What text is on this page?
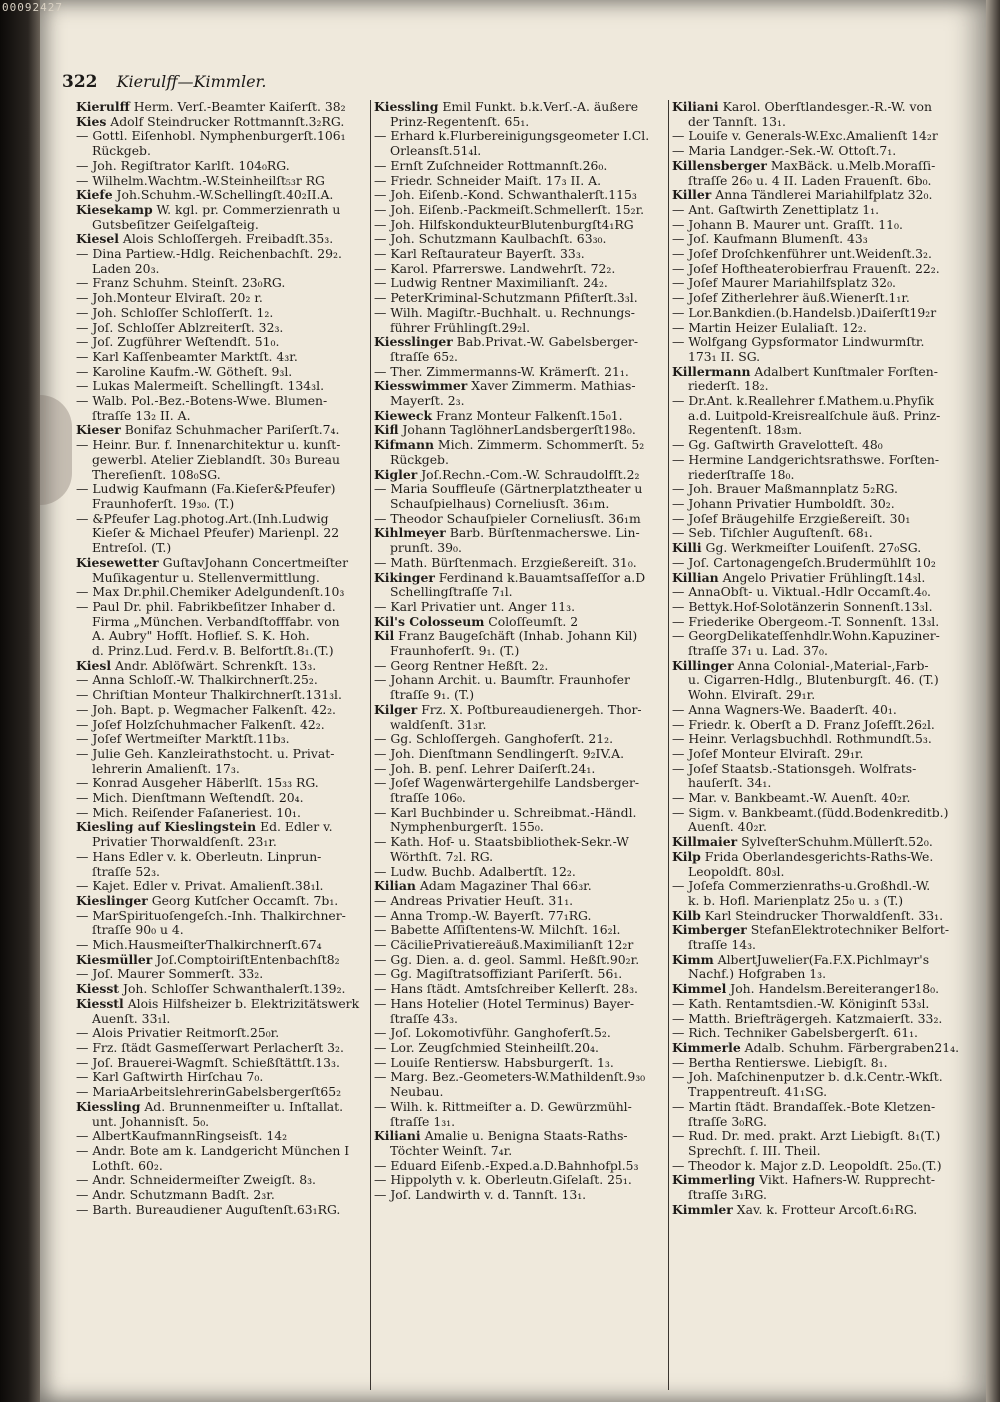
00092427
322 Kierulff—Kimmler.
Kierulff Herm. Verſ.-Beamter Kaiſerſt. 38₂
Kies Adolf Steindrucker Rottmannſt.3₂RG.
— Gottl. Eiſenhobl. Nymphenburgerſt.106₁
Rückgeb.
— Joh. Regiſtrator Karlſt. 104₀RG.
— Wilhelm.Wachtm.-W.Steinheilſt₅₃r RG
Kiefe Joh.Schuhm.-W.Schellingſt.40₂II.A.
Kiesekamp W. kgl. pr. Commerzienrath u
Gutsbeſitzer Geiſelgaſteig.
Kiesel Alois Schloſſergeh. Freibadſt.35₃.
— Dina Partiew.-Hdlg. Reichenbachſt. 29₂.
Laden 20₃.
— Franz Schuhm. Steinſt. 23₀RG.
— Joh.Monteur Elviraſt. 20₂ r.
— Joh. Schloſſer Schloſſerſt. 1₂.
— Joſ. Schloſſer Ablzreiterſt. 32₃.
— Joſ. Zugführer Weſtendſt. 51₀.
— Karl Kaſſenbeamter Marktſt. 4₃r.
— Karoline Kaufm.-W. Götheſt. 9₃l.
— Lukas Malermeiſt. Schellingſt. 134₃l.
— Walb. Pol.-Bez.-Botens-Wwe. Blumen-
ſtraſſe 13₂ II. A.
Kieser Bonifaz Schuhmacher Pariſerſt.7₄.
— Heinr. Bur. f. Innenarchitektur u. kunſt-
gewerbl. Atelier Zieblandſt. 30₃ Bureau
Thereſienſt. 108₀SG.
— Ludwig Kaufmann (Fa.Kieſer&Pfeufer)
Fraunhoferſt. 19₃₀. (T.)
— &Pfeufer Lag.photog.Art.(Inh.Ludwig
Kieſer & Michael Pfeufer) Marienpl. 22
Entreſol. (T.)
Kiesewetter GuſtavJohann Concertmeiſter
Muſikagentur u. Stellenvermittlung.
— Max Dr.phil.Chemiker Adelgundenſt.10₃
— Paul Dr. phil. Fabrikbeſitzer Inhaber d.
Firma „München. Verbandſtofffabr. von
A. Aubry" Hofſt. Hoflief. S. K. Hoh.
d. Prinz.Lud. Ferd.v. B. Belfortſt.8₁.(T.)
Kiesl Andr. Ablöſwärt. Schrenkſt. 13₃.
— Anna Schloſſ.-W. Thalkirchnerſt.25₂.
— Chriſtian Monteur Thalkirchnerſt.131₃l.
— Joh. Bapt. p. Wegmacher Falkenſt. 42₂.
— Joſef Holzſchuhmacher Falkenſt. 42₂.
— Joſef Wertmeiſter Marktſt.11b₃.
— Julie Geh. Kanzleirathstocht. u. Privat-
lehrerin Amalienſt. 17₃.
— Konrad Ausgeher Häberlſt. 15₃₃ RG.
— Mich. Dienſtmann Weſtendſt. 20₄.
— Mich. Reiſender Faſaneriest. 10₁.
Kiesling auf Kieslingstein Ed. Edler v.
Privatier Thorwaldſenſt. 23₁r.
— Hans Edler v. k. Oberleutn. Linprun-
ſtraſſe 52₃.
— Kajet. Edler v. Privat. Amalienſt.38₁l.
Kieslinger Georg Kutſcher Occamſt. 7b₁.
— MarSpirituoſengeſch.-Inh. Thalkirchner-
ſtraſſe 90₀ u 4.
— Mich.HausmeiſterThalkirchnerſt.67₄
Kiesmüller Joſ.ComptoiriſtEntenbachſt8₂
— Joſ. Maurer Sommerſt. 33₂.
Kiesst Joh. Schloſſer Schwanthalerſt.139₂.
Kiesstl Alois Hilfsheizer b. Elektrizitätswerk
Auenſt. 33₁l.
— Alois Privatier Reitmorſt.25₀r.
— Frz. ſtädt Gasmeſſerwart Perlacherſt 3₂.
— Joſ. Brauerei-Wagmſt. Schießſtättſt.13₃.
— Karl Gaſtwirth Hirſchau 7₀.
— MariaArbeitslehrerinGabelsbergerſt65₂
Kiessling Ad. Brunnenmeiſter u. Inſtallat.
unt. Johannisſt. 5₀.
— AlbertKaufmannRingseisſt. 14₂
— Andr. Bote am k. Landgericht München I
Lothſt. 60₂.
— Andr. Schneidermeiſter Zweigſt. 8₃.
— Andr. Schutzmann Badſt. 2₃r.
— Barth. Bureaudiener Auguſtenſt.63₁RG.
Kiessling Emil Funkt. b.k.Verſ.-A. äußere
Prinz-Regentenſt. 65₁.
— Erhard k.Flurbereinigungsgeometer I.Cl.
Orleansſt.51₄l.
— Ernſt Zuſchneider Rottmannſt.26₀.
— Friedr. Schneider Maiſt. 17₃ II. A.
— Joh. Eiſenb.-Kond. Schwanthalerſt.115₃
— Joh. Eiſenb.-Packmeiſt.Schmellerſt. 15₂r.
— Joh. HilfskondukteurBlutenburgſt4₁RG
— Joh. Schutzmann Kaulbachſt. 63₃₀.
— Karl Reſtaurateur Bayerſt. 33₃.
— Karol. Pfarrerswe. Landwehrſt. 72₂.
— Ludwig Rentner Maximilianſt. 24₂.
— PeterKriminal-Schutzmann Pfiſterſt.3₃l.
— Wilh. Magiſtr.-Buchhalt. u. Rechnungs-
führer Frühlingſt.29₂l.
Kiesslinger Bab.Privat.-W. Gabelsberger-
ſtraſſe 65₂.
— Ther. Zimmermanns-W. Krämerſt. 21₁.
Kiesswimmer Xaver Zimmerm. Mathias-
Mayerſt. 2₃.
Kieweck Franz Monteur Falkenſt.15₀1.
Kifl Johann TaglöhnerLandsbergerſt198₀.
Kifmann Mich. Zimmerm. Schommerſt. 5₂
Rückgeb.
Kigler Joſ.Rechn.-Com.-W. Schraudolfſt.2₂
— Maria Souffleuſe (Gärtnerplatztheater u
Schauſpielhaus) Corneliusſt. 36₁m.
— Theodor Schauſpieler Corneliusſt. 36₁m
Kihlmeyer Barb. Bürſtenmacherswe. Lin-
prunſt. 39₀.
— Math. Bürſtenmach. Erzgießereiſt. 31₀.
Kikinger Ferdinand k.Bauamtsaſſeſſor a.D
Schellingſtraſſe 7₁l.
— Karl Privatier unt. Anger 11₃.
Kil's Colosseum Coloſſeumſt. 2
Kil Franz Baugeſchäft (Inhab. Johann Kil)
Fraunhoferſt. 9₁. (T.)
— Georg Rentner Heßſt. 2₂.
— Johann Archit. u. Baumſtr. Fraunhofer
ſtraſſe 9₁. (T.)
Kilger Frz. X. Poſtbureaudienergeh. Thor-
waldſenſt. 31₃r.
— Gg. Schloſſergeh. Ganghoferſt. 21₂.
— Joh. Dienſtmann Sendlingerſt. 9₂IV.A.
— Joh. B. penſ. Lehrer Daiſerſt.24₁.
— Joſef Wagenwärtergehilfe Landsberger-
ſtraſſe 106₀.
— Karl Buchbinder u. Schreibmat.-Händl.
Nymphenburgerſt. 155₀.
— Kath. Hof- u. Staatsbibliothek-Sekr.-W
Wörthſt. 7₂l. RG.
— Ludw. Buchb. Adalbertſt. 12₂.
Kilian Adam Magaziner Thal 66₃r.
— Andreas Privatier Heuſt. 31₁.
— Anna Tromp.-W. Bayerſt. 77₁RG.
— Babette Aſſiſtentens-W. Milchſt. 16₂l.
— CäciliePrivatiereäuß.Maximilianſt 12₂r
— Gg. Dien. a. d. geol. Samml. Heßſt.90₂r.
— Gg. Magiſtratsoffiziant Pariſerſt. 56₁.
— Hans ſtädt. Amtsſchreiber Kellerſt. 28₃.
— Hans Hotelier (Hotel Terminus) Bayer-
ſtraſſe 43₃.
— Joſ. Lokomotivführ. Ganghoferſt.5₂.
— Lor. Zeugſchmied Steinheilſt.20₄.
— Louiſe Rentiersw. Habsburgerſt. 1₃.
— Marg. Bez.-Geometers-W.Mathildenſt.9₃₀
Neubau.
— Wilh. k. Rittmeiſter a. D. Gewürzmühl-
ſtraſſe 1₃₁.
Kiliani Amalie u. Benigna Staats-Raths-
Töchter Weinſt. 7₄r.
— Eduard Eiſenb.-Exped.a.D.Bahnhofpl.5₃
— Hippolyth v. k. Oberleutn.Giſelaſt. 25₁.
— Joſ. Landwirth v. d. Tannſt. 13₁.
Kiliani Karol. Oberſtlandesger.-R.-W. von
der Tannſt. 13₁.
— Louiſe v. Generals-W.Exc.Amalienſt 14₂r
— Maria Landger.-Sek.-W. Ottoſt.7₁.
Killensberger MaxBäck. u.Melb.Moraſſi-
ſtraſſe 26₀ u. 4 II. Laden Frauenſt. 6b₀.
Killer Anna Tändlerei Mariahilfplatz 32₀.
— Ant. Gaſtwirth Zenettiplatz 1₁.
— Johann B. Maurer unt. Graſſt. 11₀.
— Joſ. Kaufmann Blumenſt. 43₃
— Joſef Droſchkenführer unt.Weidenſt.3₂.
— Joſef Hoftheaterobierfrau Frauenſt. 22₂.
— Joſef Maurer Mariahilfsplatz 32₀.
— Joſef Zitherlehrer äuß.Wienerſt.1₁r.
— Lor.Bankdien.(b.Handelsb.)Daiſerſt19₂r
— Martin Heizer Eulaliaſt. 12₂.
— Wolfgang Gypsformator Lindwurmſtr.
173₁ II. SG.
Killermann Adalbert Kunſtmaler Forſten-
riederſt. 18₂.
— Dr.Ant. k.Reallehrer f.Mathem.u.Phyſik
a.d. Luitpold-Kreisrealſchule äuß. Prinz-
Regentenſt. 18₃m.
— Gg. Gaſtwirth Gravelotteſt. 48₀
— Hermine Landgerichtsrathswe. Forſten-
riederſtraſſe 18₀.
— Joh. Brauer Maßmannplatz 5₂RG.
— Johann Privatier Humboldſt. 30₂.
— Joſef Bräugehilfe Erzgießereiſt. 30₁
— Seb. Tiſchler Auguſtenſt. 68₁.
Killi Gg. Werkmeiſter Louiſenſt. 27₀SG.
— Joſ. Cartonagengeſch.Brudermühlſt 10₂
Killian Angelo Privatier Frühlingſt.14₃l.
— AnnaObſt- u. Viktual.-Hdlr Occamſt.4₀.
— Bettyk.Hof-Solotänzerin Sonnenſt.13₃l.
— Friederike Obergeom.-T. Sonnenſt. 13₃l.
— GeorgDelikateſſenhdlr.Wohn.Kapuziner-
ſtraſſe 37₁ u. Lad. 37₀.
Killinger Anna Colonial-,Material-,Farb-
u. Cigarren-Hdlg., Blutenburgſt. 46. (T.)
Wohn. Elviraſt. 29₁r.
— Anna Wagners-We. Baaderſt. 40₁.
— Friedr. k. Oberſt a D. Franz Joſefſt.26₂l.
— Heinr. Verlagsbuchhdl. Rothmundſt.5₃.
— Joſef Monteur Elviraſt. 29₁r.
— Joſef Staatsb.-Stationsgeh. Wolfrats-
hauſerſt. 34₁.
— Mar. v. Bankbeamt.-W. Auenſt. 40₂r.
— Sigm. v. Bankbeamt.(ſüdd.Bodenkreditb.)
Auenſt. 40₂r.
Killmaier SylveſterSchuhm.Müllerſt.52₀.
Kilp Frida Oberlandesgerichts-Raths-We.
Leopoldſt. 80₃l.
— Joſefa Commerzienraths-u.Großhdl.-W.
k. b. Hofl. Marienplatz 25₀ u. ₃ (T.)
Kilb Karl Steindrucker Thorwaldſenſt. 33₁.
Kimberger StefanElektrotechniker Belfort-
ſtraſſe 14₃.
Kimm AlbertJuwelier(Fa.F.X.Pichlmayr's
Nachf.) Hofgraben 1₃.
Kimmel Joh. Handelsm.Bereiteranger18₀.
— Kath. Rentamtsdien.-W. Königinſt 53₃l.
— Matth. Briefträgergeh. Katzmaierſt. 33₂.
— Rich. Techniker Gabelsbergerſt. 61₁.
Kimmerle Adalb. Schuhm. Färbergraben21₄.
— Bertha Rentierswe. Liebigſt. 8₁.
— Joh. Maſchinenputzer b. d.k.Centr.-Wkſt.
Trappentreuſt. 41₁SG.
— Martin ſtädt. Brandaſſek.-Bote Kletzen-
ſtraſſe 3₀RG.
— Rud. Dr. med. prakt. Arzt Liebigſt. 8₁(T.)
Sprechſt. ſ. III. Theil.
— Theodor k. Major z.D. Leopoldſt. 25₀.(T.)
Kimmerling Vikt. Hafners-W. Rupprecht-
ſtraſſe 3₁RG.
Kimmler Xav. k. Frotteur Arcoſt.6₁RG.
